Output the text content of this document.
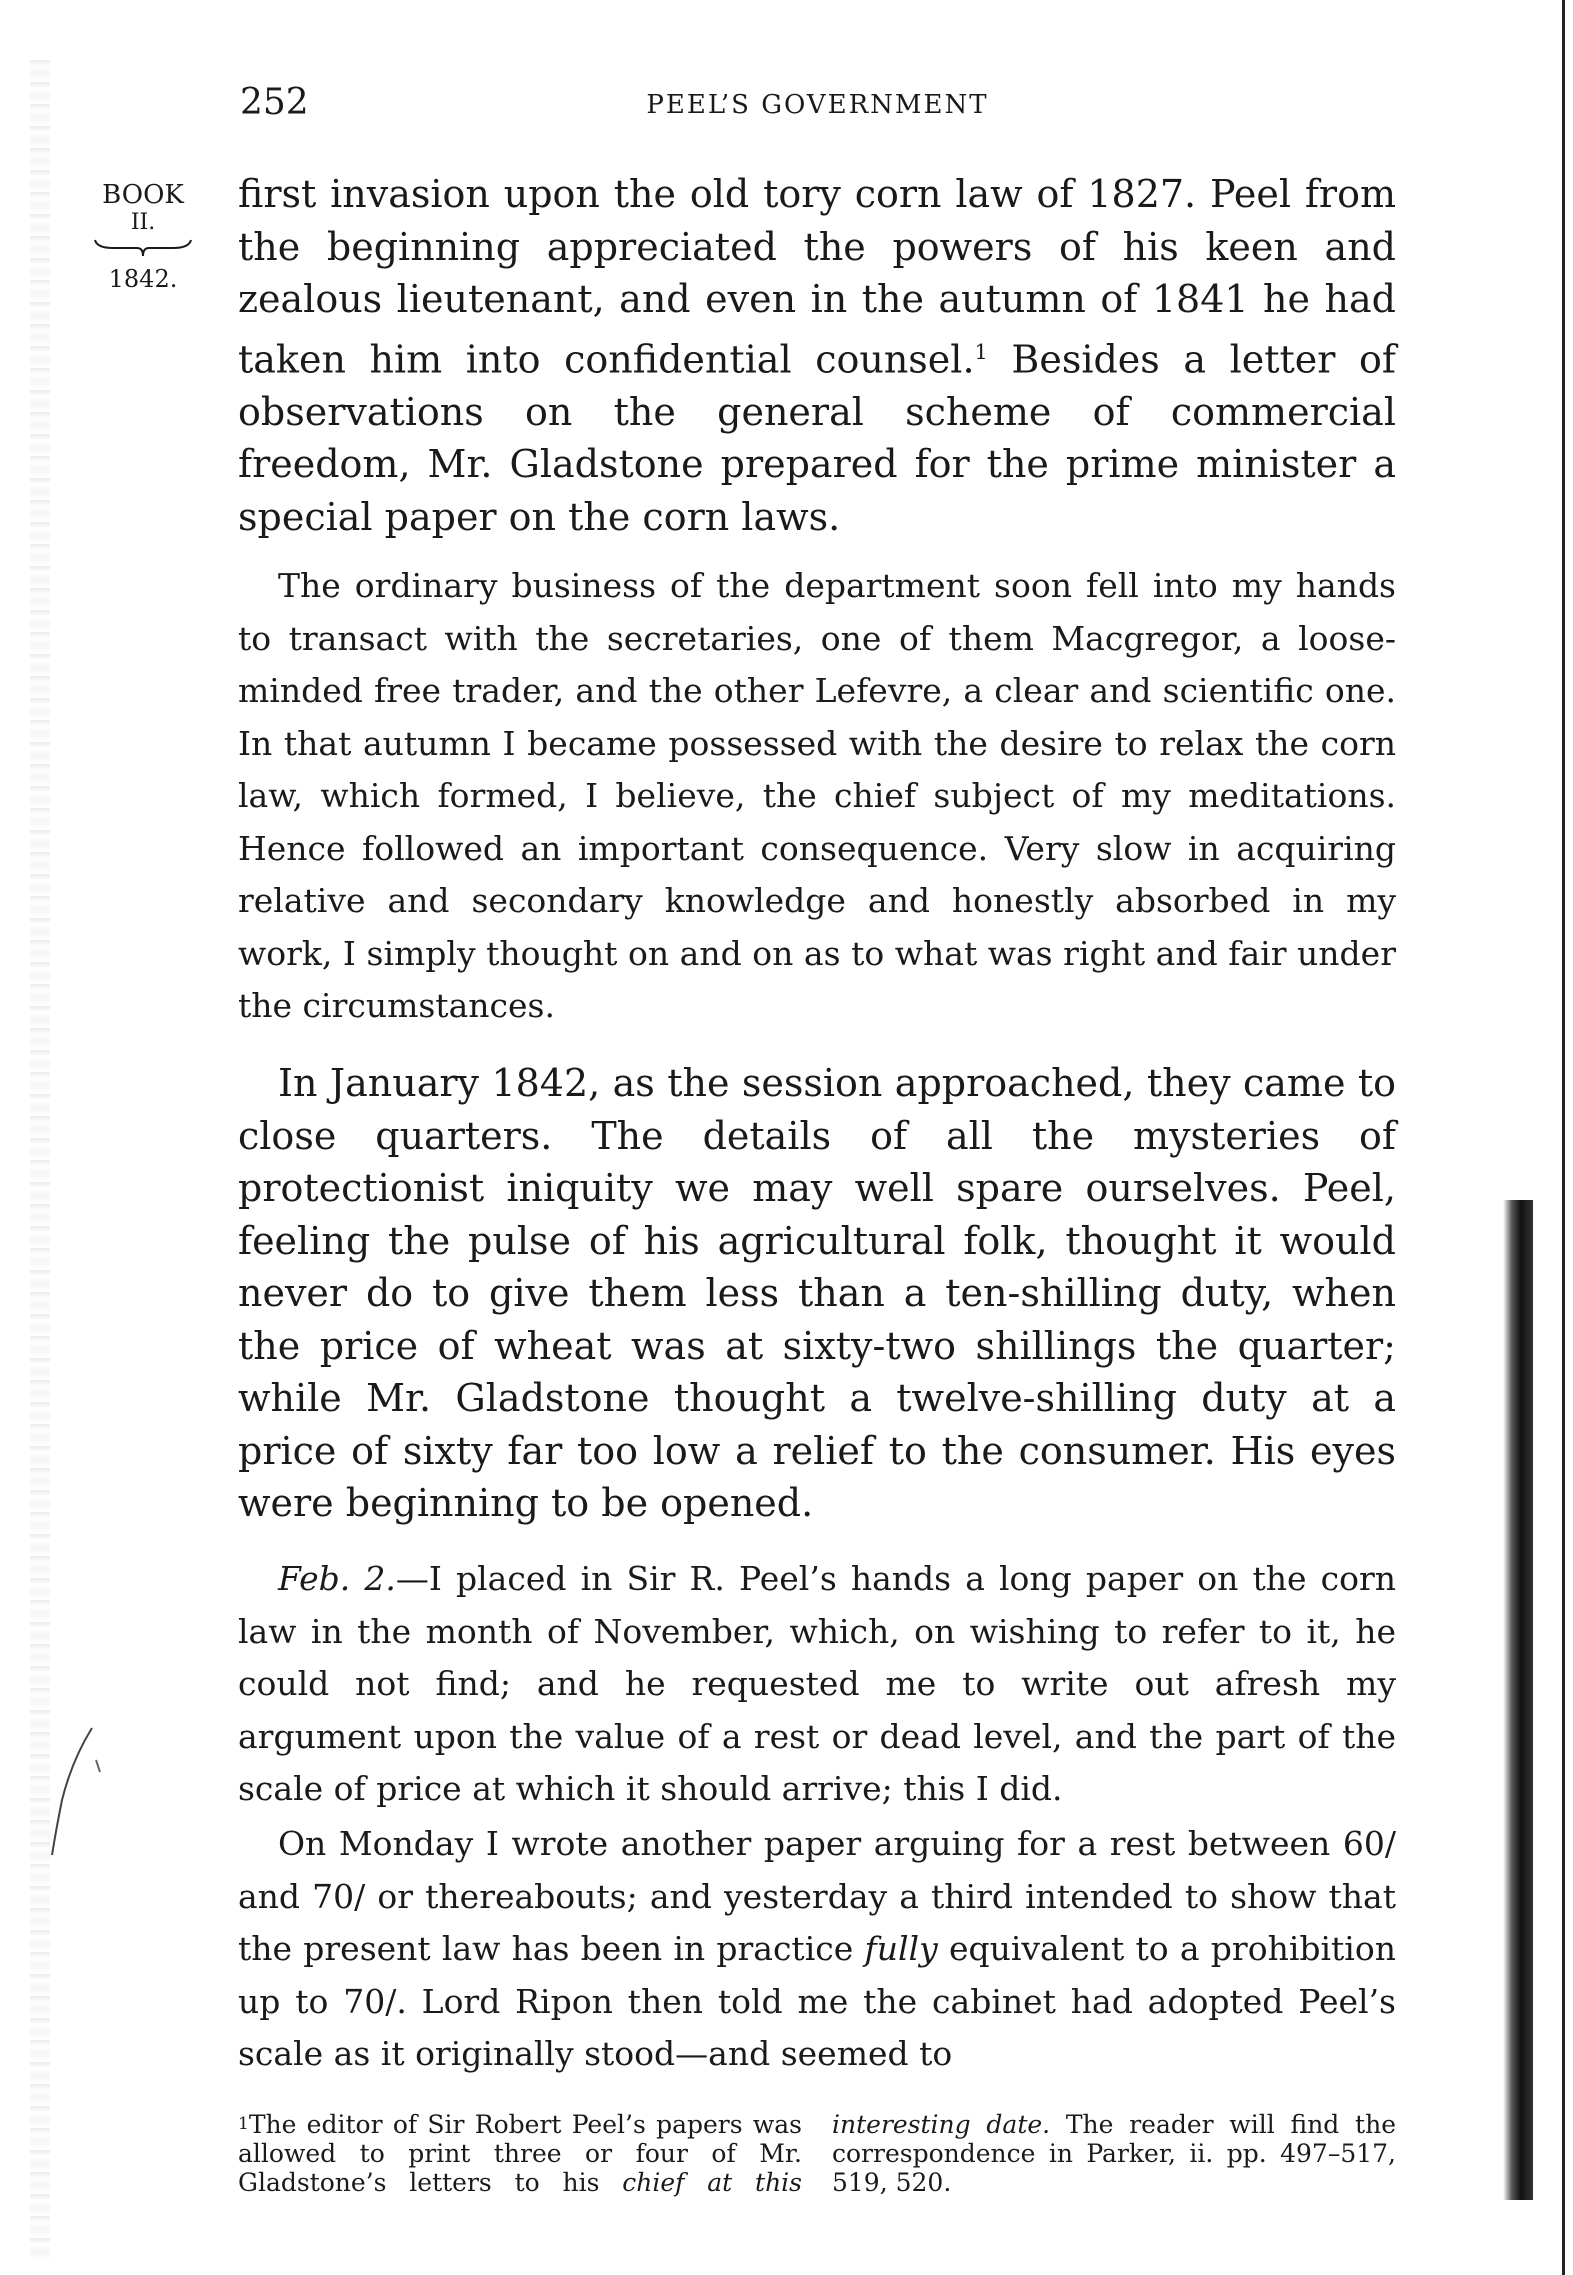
252	PEEL’S GOVERNMENT
BOOK
II.
1842.

first invasion upon the old tory corn law of 1827. Peel from the beginning appreciated the powers of his keen and zealous lieutenant, and even in the autumn of 1841 he had taken him into confidential counsel.$^1$ Besides a letter of observations on the general scheme of commercial freedom, Mr. Gladstone prepared for the prime minister a special paper on the corn laws.

The ordinary business of the department soon fell into my hands to transact with the secretaries, one of them Macgregor, a loose-minded free trader, and the other Lefevre, a clear and scientific one. In that autumn I became possessed with the desire to relax the corn law, which formed, I believe, the chief subject of my meditations. Hence followed an important consequence. Very slow in acquiring relative and secondary knowledge and honestly absorbed in my work, I simply thought on and on as to what was right and fair under the circumstances.

In January 1842, as the session approached, they came to close quarters. The details of all the mysteries of protectionist iniquity we may well spare ourselves. Peel, feeling the pulse of his agricultural folk, thought it would never do to give them less than a ten-shilling duty, when the price of wheat was at sixty-two shillings the quarter; while Mr. Gladstone thought a twelve-shilling duty at a price of sixty far too low a relief to the consumer. His eyes were beginning to be opened.

Feb. 2.—I placed in Sir R. Peel’s hands a long paper on the corn law in the month of November, which, on wishing to refer to it, he could not find; and he requested me to write out afresh my argument upon the value of a rest or dead level, and the part of the scale of price at which it should arrive; this I did.

On Monday I wrote another paper arguing for a rest between 60/ and 70/ or thereabouts; and yesterday a third intended to show that the present law has been in practice fully equivalent to a prohibition up to 70/. Lord Ripon then told me the cabinet had adopted Peel’s scale as it originally stood—and seemed to

$^1$The editor of Sir Robert Peel’s papers was allowed to print three or four of Mr. Gladstone’s letters to his chief at this interesting date. The reader will find the correspondence in Parker, ii. pp. 497–517, 519, 520.
